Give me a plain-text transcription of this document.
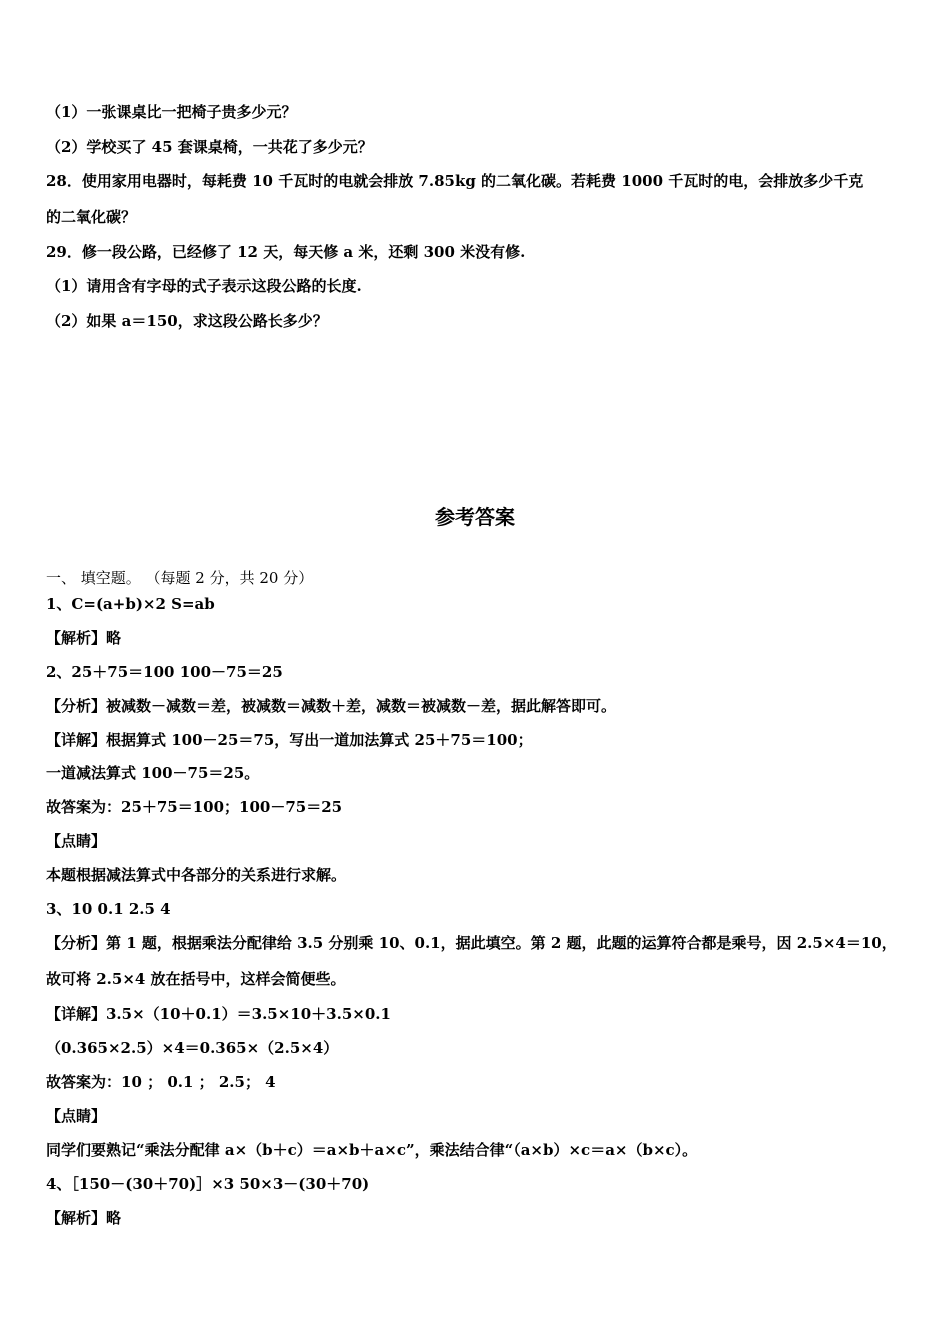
（1）一张课桌比一把椅子贵多少元？
（2）学校买了 45 套课桌椅，一共花了多少元？
28．使用家用电器时，每耗费 10 千瓦时的电就会排放 7.85kg 的二氧化碳。若耗费 1000 千瓦时的电，会排放多少千克
的二氧化碳？
29．修一段公路，已经修了 12 天，每天修 a 米，还剩 300 米没有修.
（1）请用含有字母的式子表示这段公路的长度.
（2）如果 a＝150，求这段公路长多少？
参考答案
一、 填空题。 （每题 2 分，共 20 分）
1、C=(a+b)×2 S=ab
【解析】略
2、25＋75＝100 100－75＝25
【分析】被减数－减数＝差，被减数＝减数＋差，减数＝被减数－差，据此解答即可。
【详解】根据算式 100－25＝75，写出一道加法算式 25＋75＝100；
一道减法算式 100－75＝25。
故答案为：25＋75＝100；100－75＝25
【点睛】
本题根据减法算式中各部分的关系进行求解。
3、10 0.1 2.5 4
【分析】第 1 题，根据乘法分配律给 3.5 分别乘 10、0.1，据此填空。第 2 题，此题的运算符合都是乘号，因 2.5×4＝10，
故可将 2.5×4 放在括号中，这样会简便些。
【详解】3.5×（10＋0.1）＝3.5×10＋3.5×0.1
（0.365×2.5）×4＝0.365×（2.5×4）
故答案为：10 ； 0.1 ； 2.5； 4
【点睛】
同学们要熟记“乘法分配律 a×（b＋c）＝a×b＋a×c”，乘法结合律“（a×b）×c＝a×（b×c）。
4、［150－(30＋70)］×3 50×3－(30＋70)
【解析】略
